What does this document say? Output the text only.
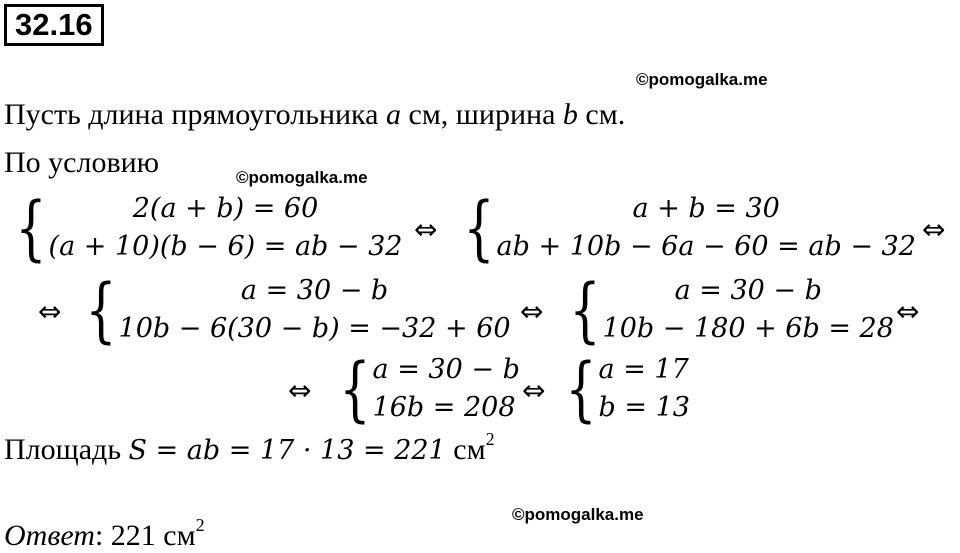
32.16
©pomogalka.me
©pomogalka.me
©pomogalka.me
Пусть длина прямоугольника a см, ширина b см.
По условию
{	2(a + b) = 60
(a + 10)(b − 6) = ab − 32
⇔ {	a + b = 30
ab + 10b − 6a − 60 = ab − 32
⇔
⇔ {	a = 30 − b
10b − 6(30 − b) = −32 + 60
⇔ {	a = 30 − b
10b − 180 + 6b = 28
⇔
⇔ { a = 30 − b
16b = 208
⇔ { a = 17
b = 13
Площадь S = ab = 17 · 13 = 221 $см^2$
Ответ: 221 $см^2$
